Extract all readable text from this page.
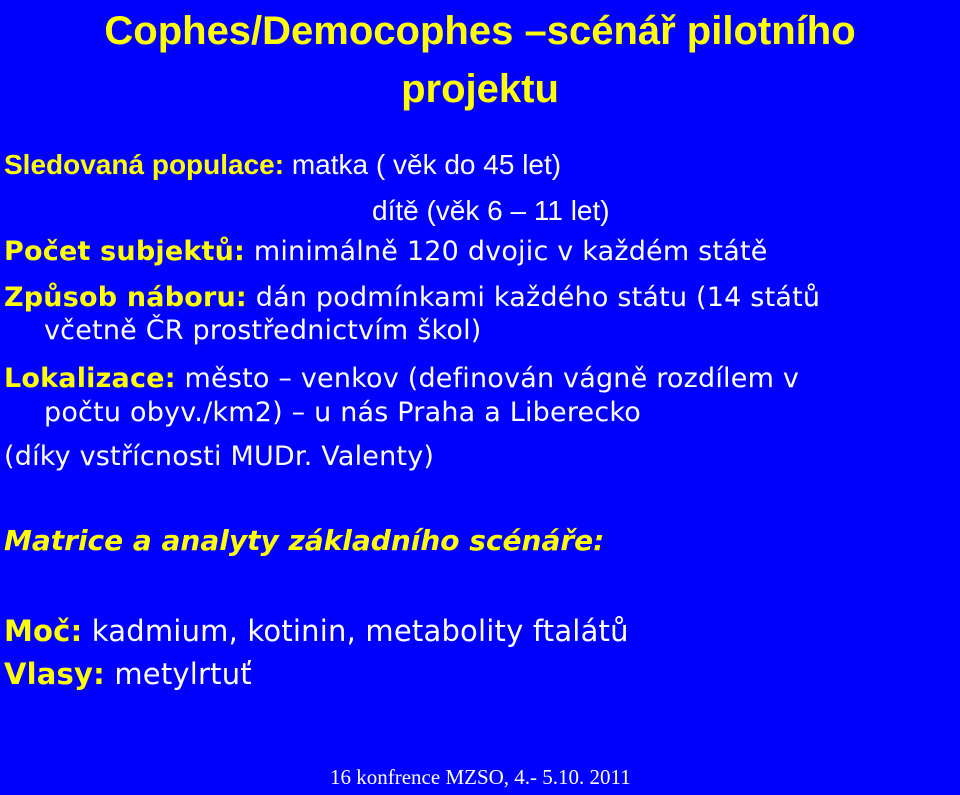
Cophes/Democophes –scénář pilotního
projektu

Sledovaná populace: matka ( věk do 45 let)

dítě (věk 6 – 11 let)

Počet subjektů: minimálně 120 dvojic v každém státě

Způsob náboru: dán podmínkami každého státu (14 států

včetně ČR prostřednictvím škol)

Lokalizace: město – venkov (definován vágně rozdílem v

počtu obyv./km2) – u nás Praha a Liberecko

(díky vstřícnosti MUDr. Valenty)

Matrice a analyty základního scénáře:

Moč: kadmium, kotinin, metabolity ftalátů

Vlasy: metylrtuť

16 konfrence MZSO, 4.- 5.10. 2011
